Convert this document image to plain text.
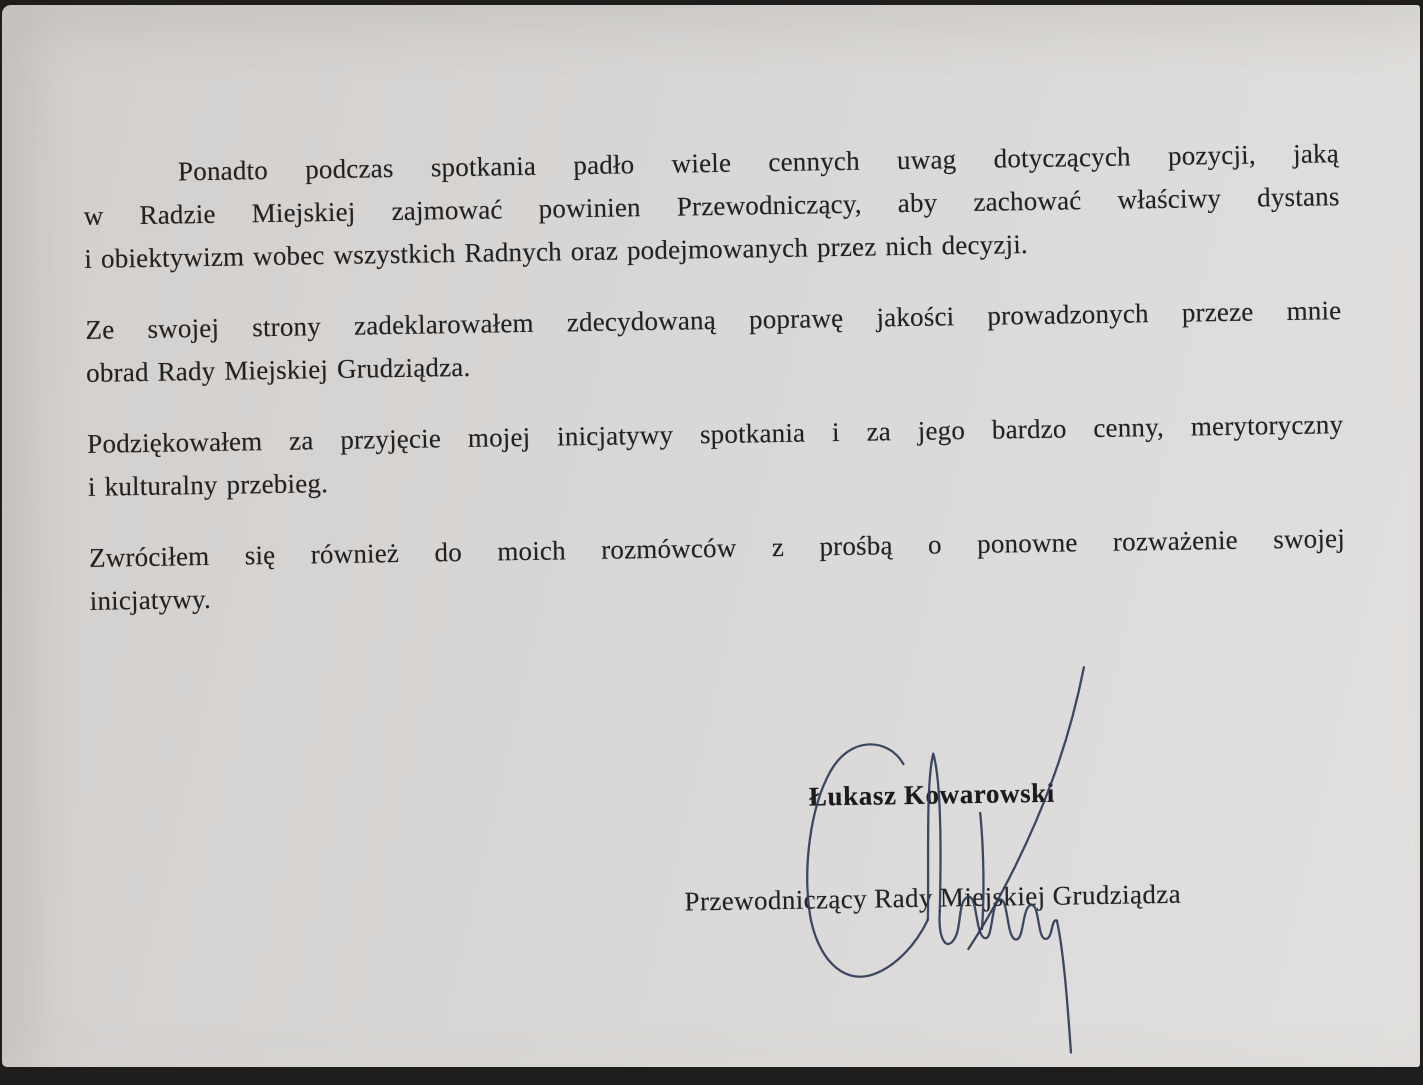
Ponadto podczas spotkania padło wiele cennych uwag dotyczących pozycji, jaką
w Radzie Miejskiej zajmować powinien Przewodniczący, aby zachować właściwy dystans
i obiektywizm wobec wszystkich Radnych oraz podejmowanych przez nich decyzji.
Ze swojej strony zadeklarowałem zdecydowaną poprawę jakości prowadzonych przeze mnie
obrad Rady Miejskiej Grudziądza.
Podziękowałem za przyjęcie mojej inicjatywy spotkania i za jego bardzo cenny, merytoryczny
i kulturalny przebieg.
Zwróciłem się również do moich rozmówców z prośbą o ponowne rozważenie swojej
inicjatywy.
Łukasz Kowarowski
Przewodniczący Rady Miejskiej Grudziądza
